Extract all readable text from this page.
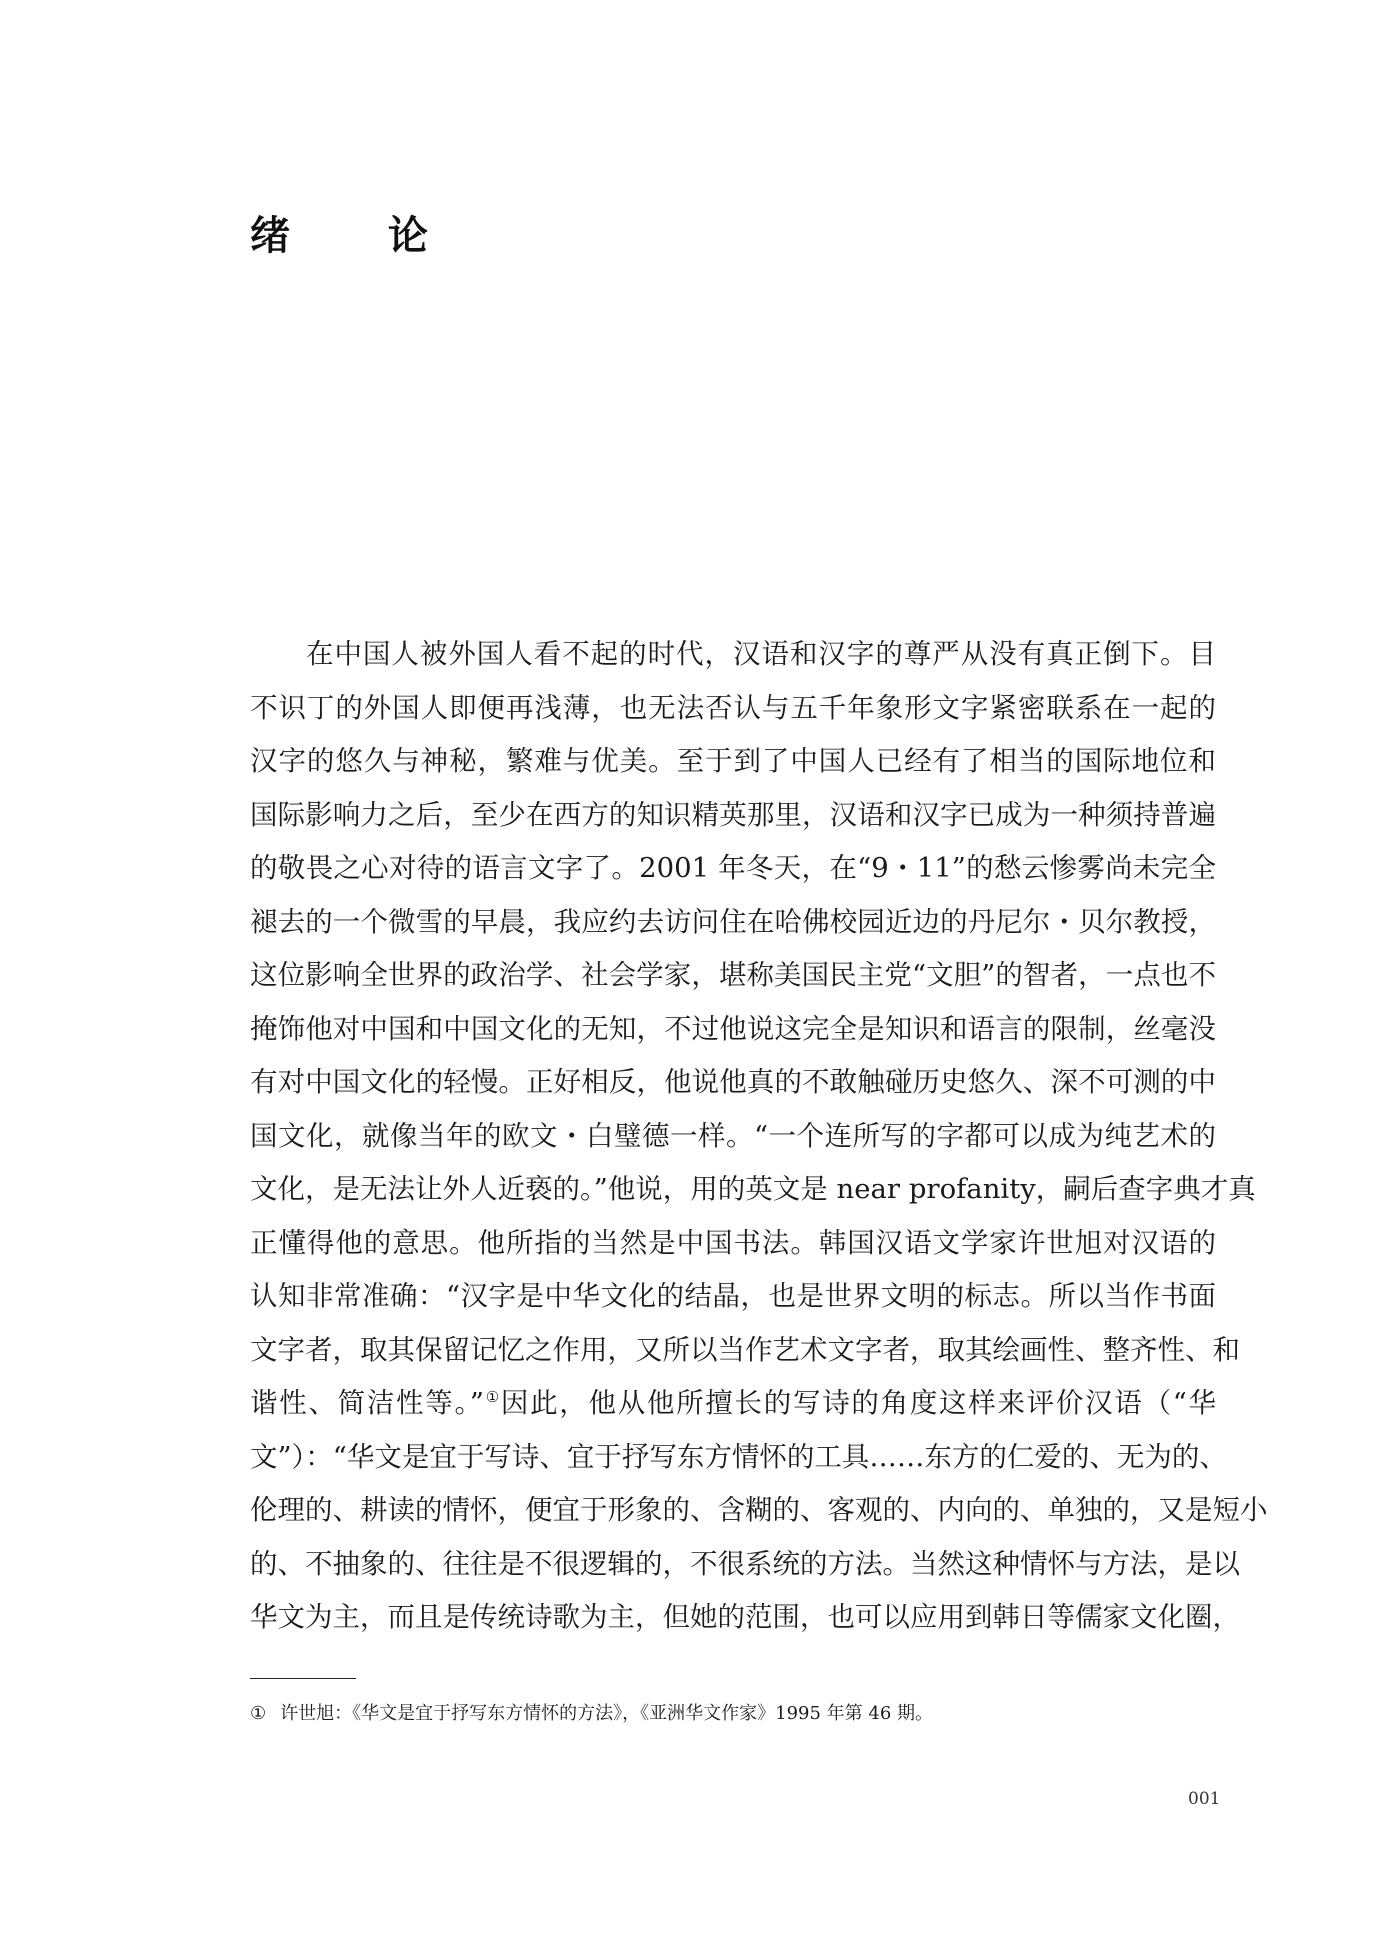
绪 论
在中国人被外国人看不起的时代，汉语和汉字的尊严从没有真正倒下。目
不识丁的外国人即便再浅薄，也无法否认与五千年象形文字紧密联系在一起的
汉字的悠久与神秘，繁难与优美。至于到了中国人已经有了相当的国际地位和
国际影响力之后，至少在西方的知识精英那里，汉语和汉字已成为一种须持普遍
的敬畏之心对待的语言文字了。2001 年冬天，在“9・11”的愁云惨雾尚未完全
褪去的一个微雪的早晨，我应约去访问住在哈佛校园近边的丹尼尔・贝尔教授，
这位影响全世界的政治学、社会学家，堪称美国民主党“文胆”的智者，一点也不
掩饰他对中国和中国文化的无知，不过他说这完全是知识和语言的限制，丝毫没
有对中国文化的轻慢。正好相反，他说他真的不敢触碰历史悠久、深不可测的中
国文化，就像当年的欧文・白璧德一样。“一个连所写的字都可以成为纯艺术的
文化，是无法让外人近亵的。”他说，用的英文是 near profanity，嗣后查字典才真
正懂得他的意思。他所指的当然是中国书法。韩国汉语文学家许世旭对汉语的
认知非常准确：“汉字是中华文化的结晶，也是世界文明的标志。所以当作书面
文字者，取其保留记忆之作用，又所以当作艺术文字者，取其绘画性、整齐性、和
谐性、简洁性等。”①因此，他从他所擅长的写诗的角度这样来评价汉语（“华
文”）：“华文是宜于写诗、宜于抒写东方情怀的工具……东方的仁爱的、无为的、
伦理的、耕读的情怀，便宜于形象的、含糊的、客观的、内向的、单独的，又是短小
的、不抽象的、往往是不很逻辑的，不很系统的方法。当然这种情怀与方法，是以
华文为主，而且是传统诗歌为主，但她的范围，也可以应用到韩日等儒家文化圈，
① 许世旭：《华文是宜于抒写东方情怀的方法》，《亚洲华文作家》1995 年第 46 期。
001
